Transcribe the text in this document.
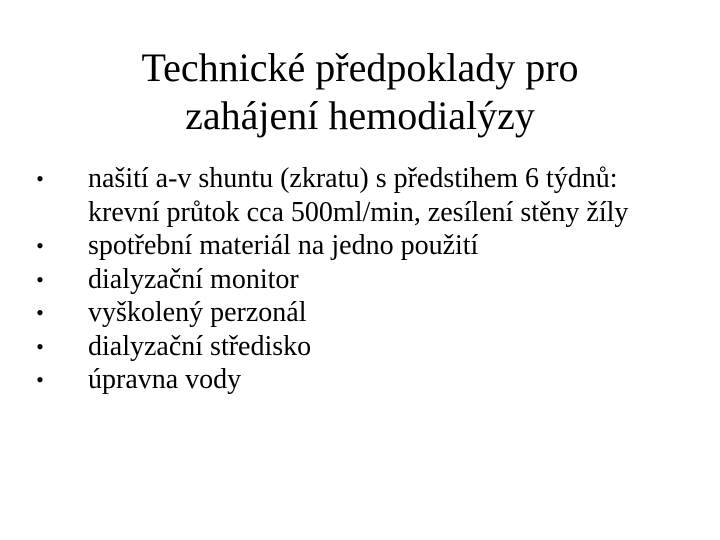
Technické předpoklady pro
zahájení hemodialýzy
• našití a-v shuntu (zkratu) s předstihem 6 týdnů: krevní průtok cca 500ml/min, zesílení stěny žíly
• spotřební materiál na jedno použití
• dialyzační monitor
• vyškolený perzonál
• dialyzační středisko
• úpravna vody
